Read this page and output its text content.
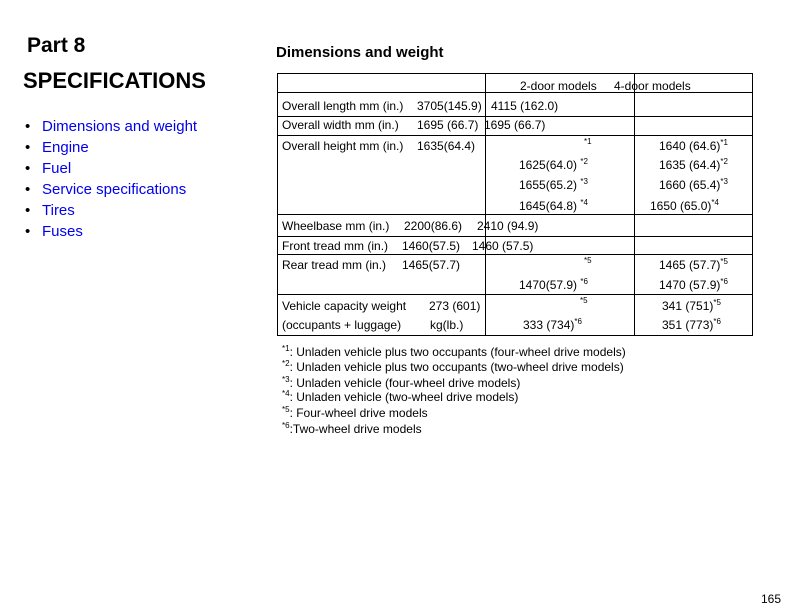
Part 8
SPECIFICATIONS
• Dimensions and weight
• Engine
• Fuel
• Service specifications
• Tires
• Fuses
Dimensions and weight
2-door models 4-door models
Overall length mm (in.) 3705(145.9) 4115 (162.0)
Overall width mm (in.) 1695 (66.7) 1695 (66.7)
Overall height mm (in.) 1635(64.4)	*1
1625(64.0) $^{*2}$
1655(65.2) $^{*3}$
1645(64.8) $^{*4}$
1640 $(64.6)^{*1}$
1635 $(64.4)^{*2}$
1660 $(65.4)^{*3}$
1650 $(65.0)^{*4}$
Wheelbase mm (in.) 2200(86.6) 2410 (94.9)
Front tread mm (in.) 1460(57.5) 1460 (57.5)
Rear tread mm (in.) 1465(57.7)	*5
1470(57.9) $^{*6}$
1465 $(57.7)^{*5}$
1470 $(57.9)^{*6}$
Vehicle capacity weight 273 (601)
(occupants + luggage) kg(lb.)
*5
333 $(734)^{*6}$
341 $(751)^{*5}$
351 $(773)^{*6}$
$^{*1}$: Unladen vehicle plus two occupants (four-wheel drive models)
$^{*2}$: Unladen vehicle plus two occupants (two-wheel drive models)
$^{*3}$: Unladen vehicle (four-wheel drive models)
$^{*4}$: Unladen vehicle (two-wheel drive models)
$^{*5}$: Four-wheel drive models
$^{*6}$:Two-wheel drive models
165
